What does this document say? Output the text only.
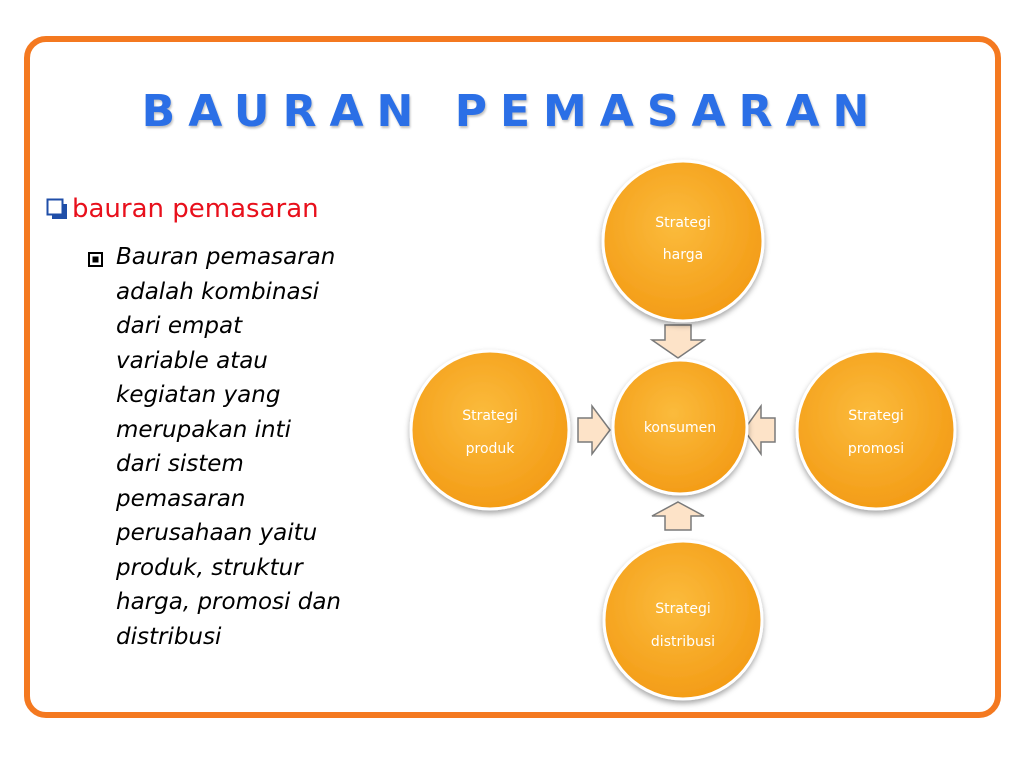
BAURAN PEMASARAN
bauran pemasaran
Bauran pemasaran
adalah kombinasi
dari empat
variable atau
kegiatan yang
merupakan inti
dari sistem
pemasaran
perusahaan yaitu
produk, struktur
harga, promosi dan
distribusi
Strategi
harga
Strategi
produk
konsumen
Strategi
promosi
Strategi
distribusi
